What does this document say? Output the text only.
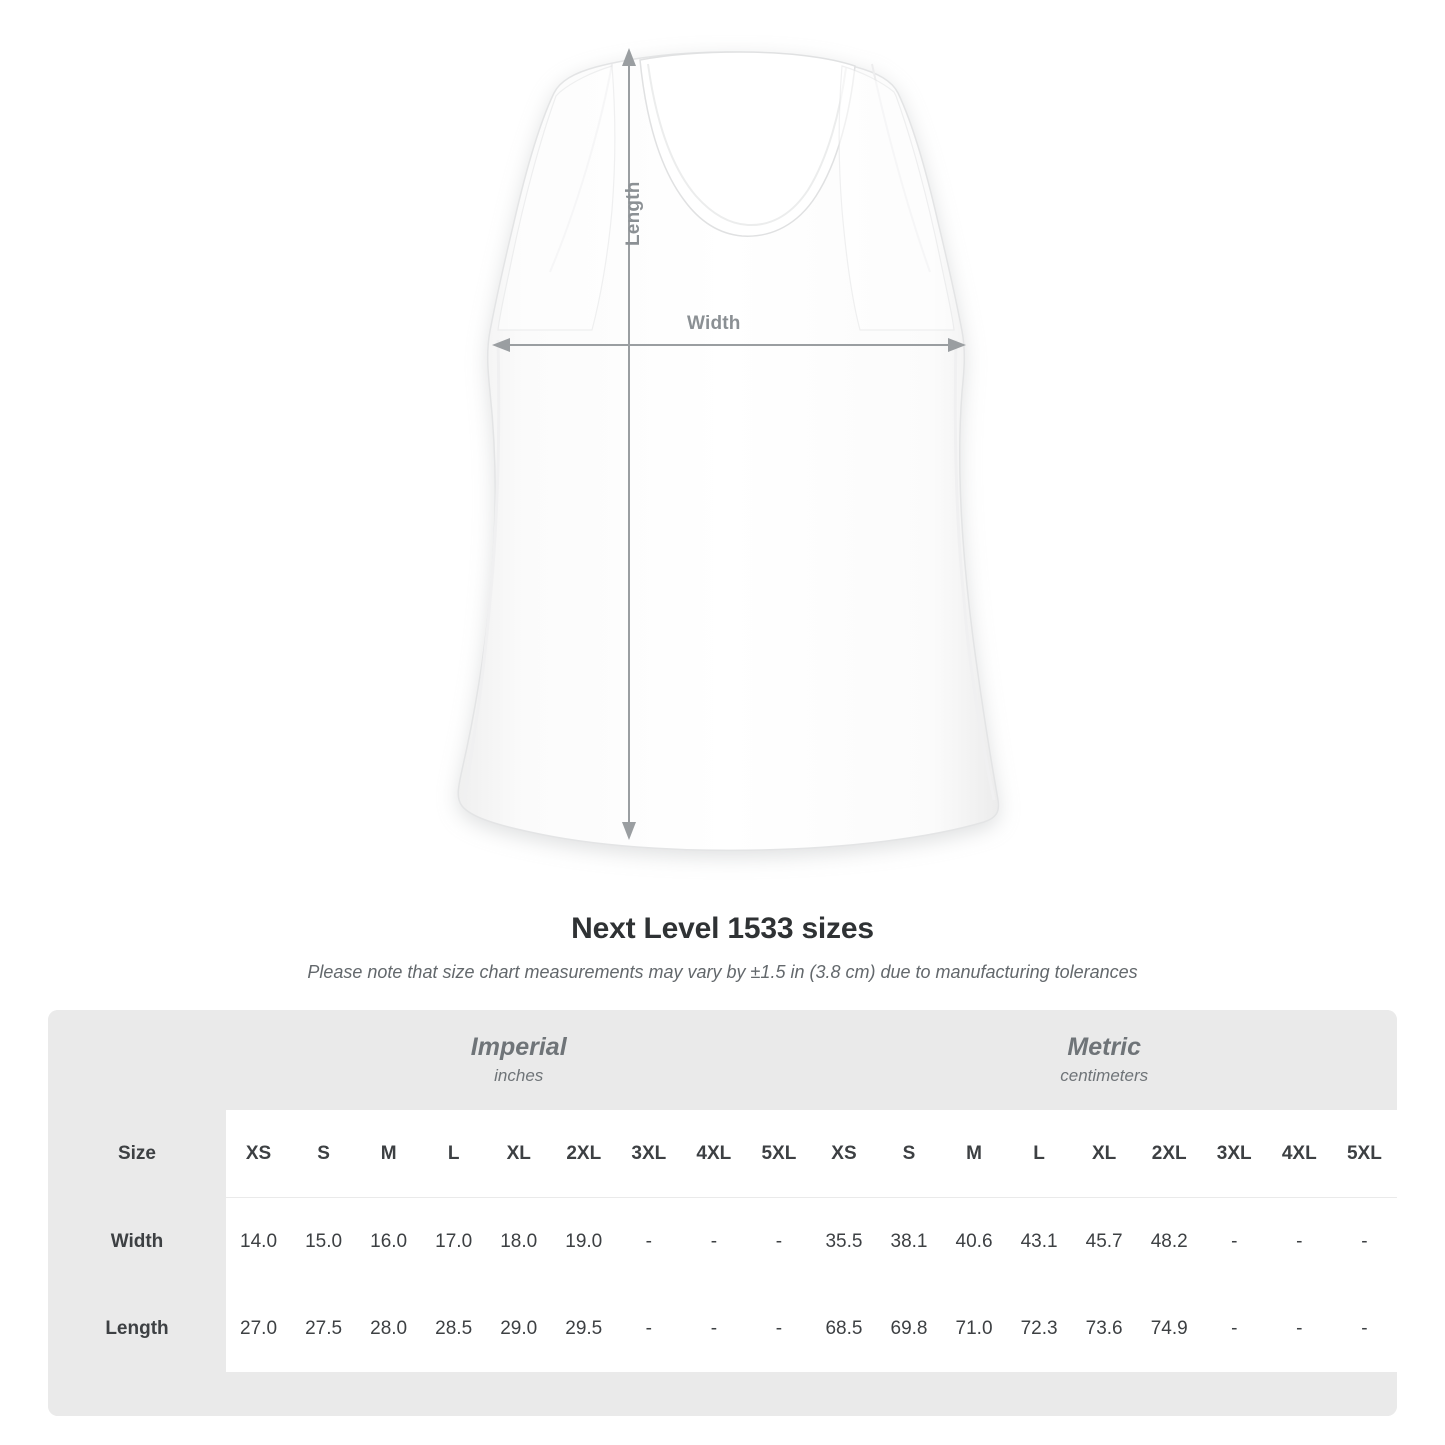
Length
Width
Next Level 1533 sizes
Please note that size chart measurements may vary by ±1.5 in (3.8 cm) due to manufacturing tolerances

Imperial
inches

Metric
centimeters

Size	XS	S	M	L	XL	2XL	3XL	4XL	5XL	XS	S	M	L	XL	2XL	3XL	4XL	5XL
Width	14.0	15.0	16.0	17.0	18.0	19.0	-	-	-	35.5	38.1	40.6	43.1	45.7	48.2	-	-	-
Length	27.0	27.5	28.0	28.5	29.0	29.5	-	-	-	68.5	69.8	71.0	72.3	73.6	74.9	-	-	-
